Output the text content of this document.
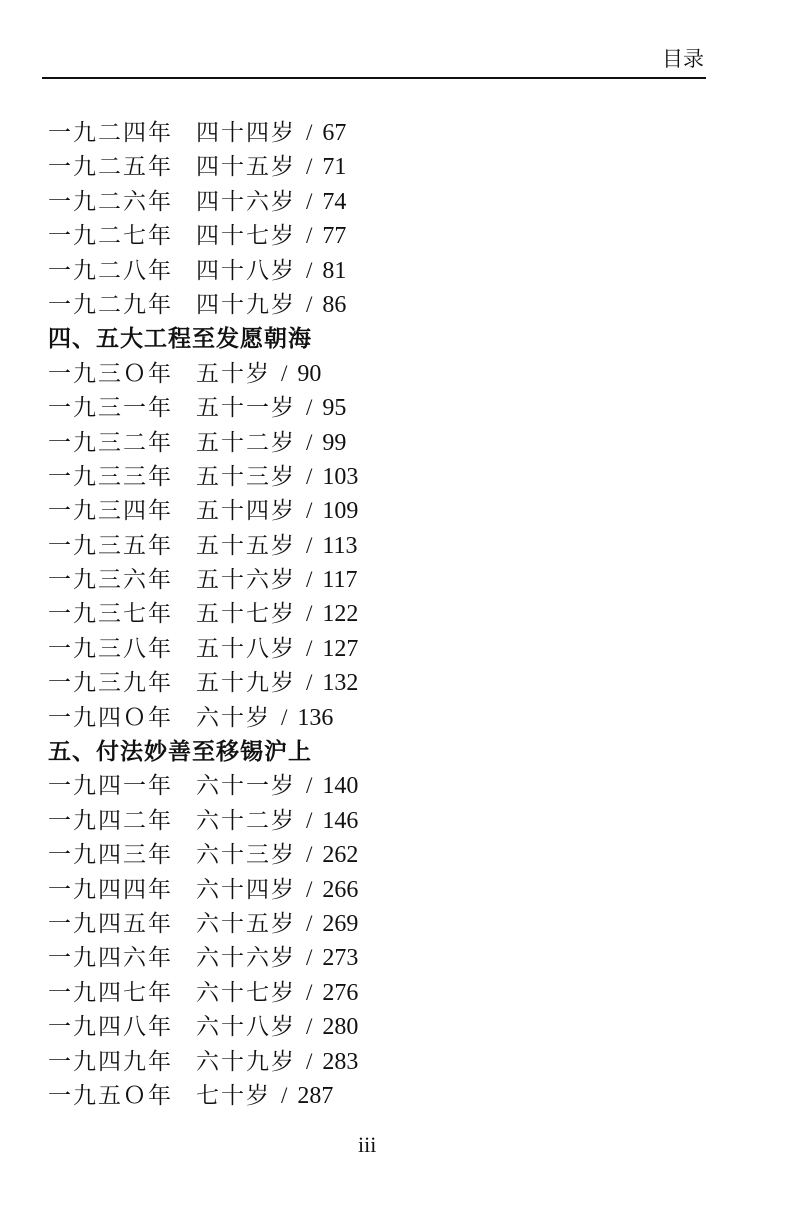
目录
一九二四年  四十四岁 / 67
一九二五年  四十五岁 / 71
一九二六年  四十六岁 / 74
一九二七年  四十七岁 / 77
一九二八年  四十八岁 / 81
一九二九年  四十九岁 / 86
四、五大工程至发愿朝海
一九三Ｏ年  五十岁 / 90
一九三一年  五十一岁 / 95
一九三二年  五十二岁 / 99
一九三三年  五十三岁 / 103
一九三四年  五十四岁 / 109
一九三五年  五十五岁 / 113
一九三六年  五十六岁 / 117
一九三七年  五十七岁 / 122
一九三八年  五十八岁 / 127
一九三九年  五十九岁 / 132
一九四Ｏ年  六十岁 / 136
五、付法妙善至移锡沪上
一九四一年  六十一岁 / 140
一九四二年  六十二岁 / 146
一九四三年  六十三岁 / 262
一九四四年  六十四岁 / 266
一九四五年  六十五岁 / 269
一九四六年  六十六岁 / 273
一九四七年  六十七岁 / 276
一九四八年  六十八岁 / 280
一九四九年  六十九岁 / 283
一九五Ｏ年  七十岁 / 287
iii
